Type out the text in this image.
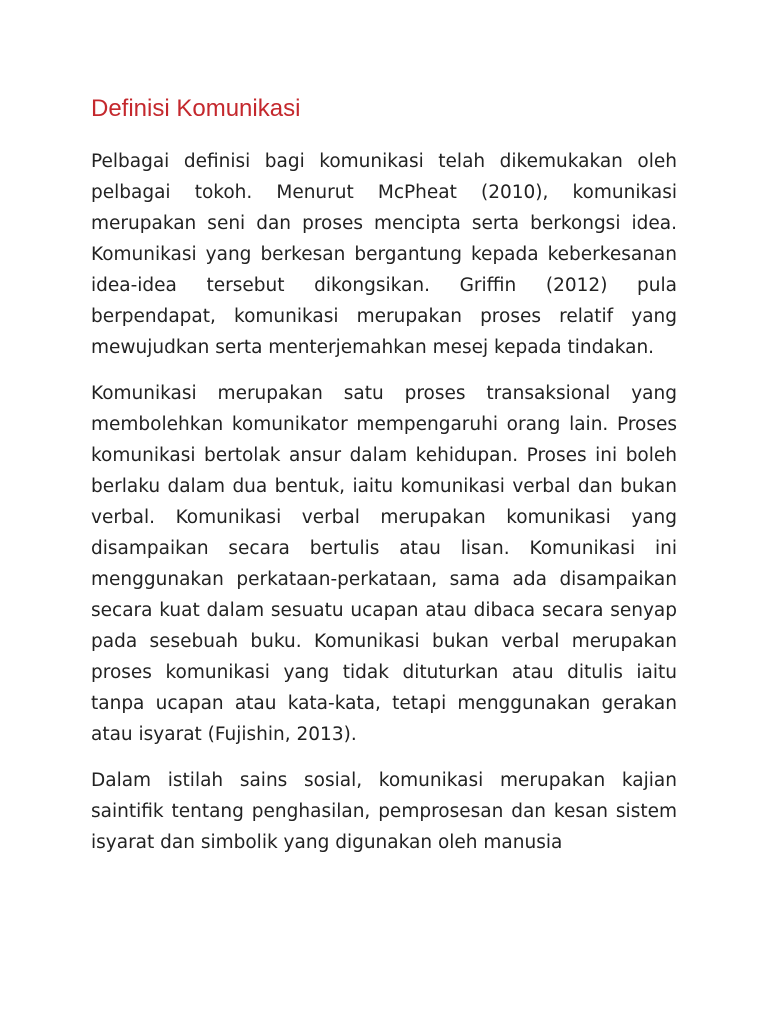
Definisi Komunikasi

Pelbagai definisi bagi komunikasi telah dikemukakan oleh pelbagai tokoh. Menurut McPheat (2010), komunikasi merupakan seni dan proses mencipta serta berkongsi idea. Komunikasi yang berkesan bergantung kepada keberkesanan idea-idea tersebut dikongsikan. Griffin (2012) pula berpendapat, komunikasi merupakan proses relatif yang mewujudkan serta menterjemahkan mesej kepada tindakan.

Komunikasi merupakan satu proses transaksional yang membolehkan komunikator mempengaruhi orang lain. Proses komunikasi bertolak ansur dalam kehidupan. Proses ini boleh berlaku dalam dua bentuk, iaitu komunikasi verbal dan bukan verbal. Komunikasi verbal merupakan komunikasi yang disampaikan secara bertulis atau lisan. Komunikasi ini menggunakan perkataan-perkataan, sama ada disampaikan secara kuat dalam sesuatu ucapan atau dibaca secara senyap pada sesebuah buku. Komunikasi bukan verbal merupakan proses komunikasi yang tidak dituturkan atau ditulis iaitu tanpa ucapan atau kata-kata, tetapi menggunakan gerakan atau isyarat (Fujishin, 2013).

Dalam istilah sains sosial, komunikasi merupakan kajian saintifik tentang penghasilan, pemprosesan dan kesan sistem isyarat dan simbolik yang digunakan oleh manusia
